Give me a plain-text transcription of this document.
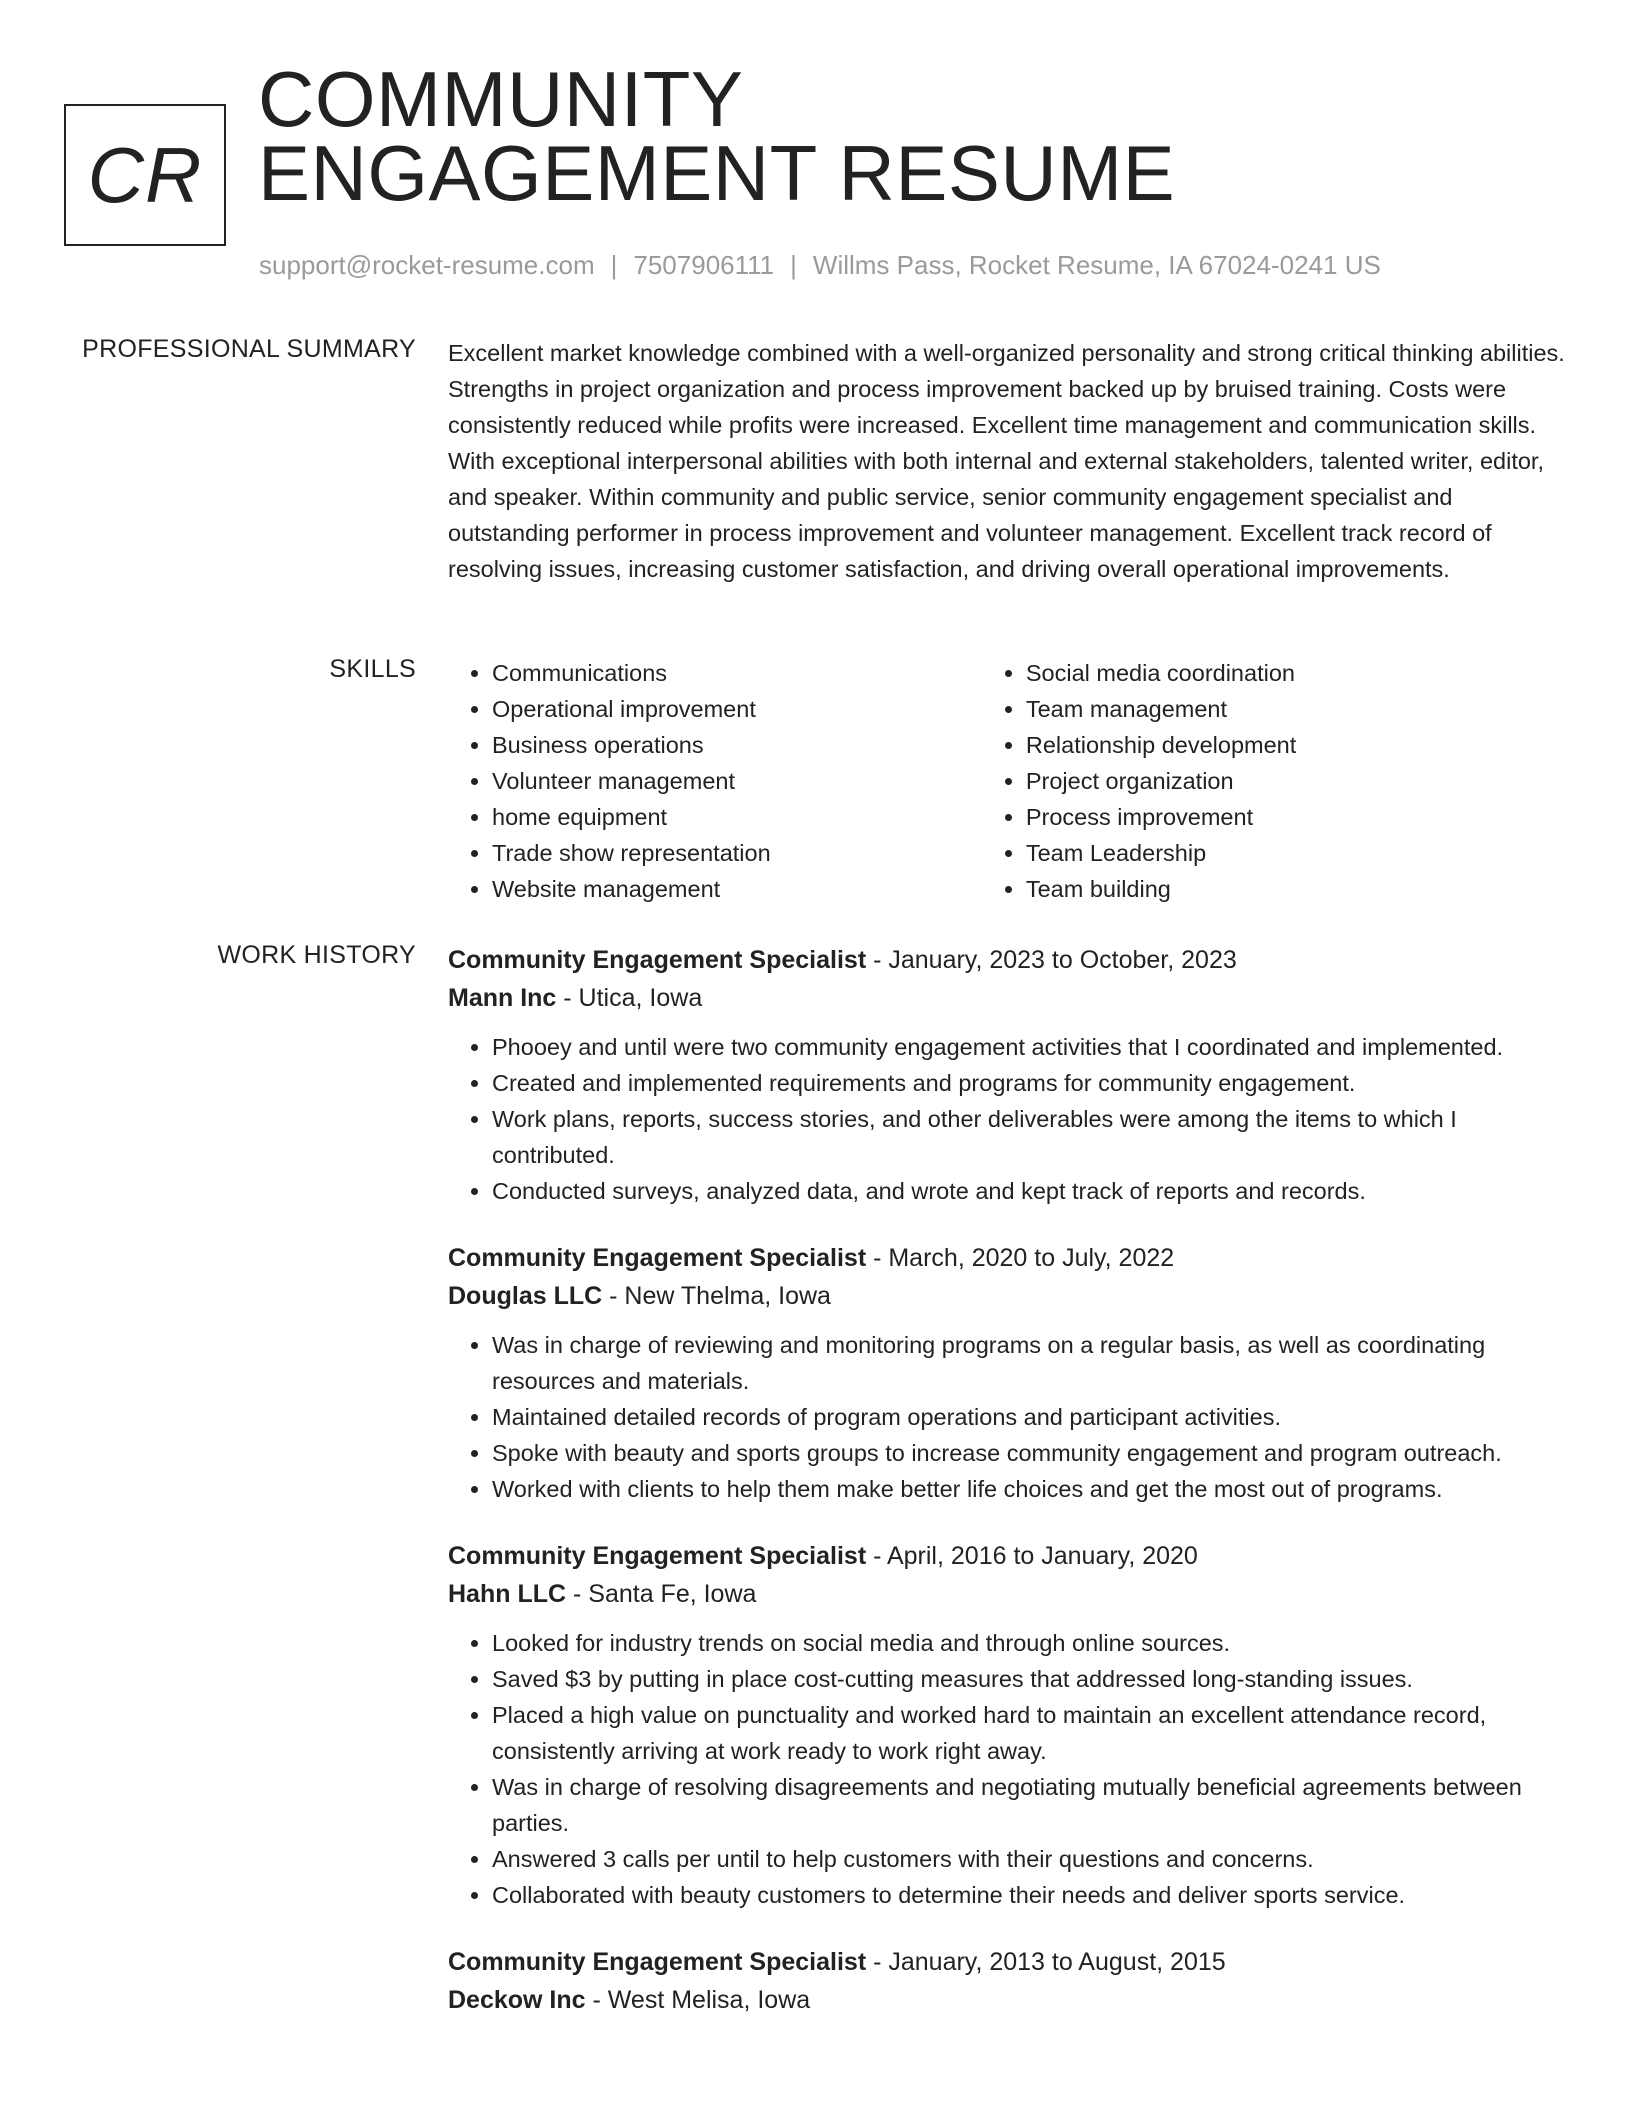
CR
COMMUNITY
ENGAGEMENT RESUME
support@rocket-resume.com | 7507906111 | Willms Pass, Rocket Resume, IA 67024-0241 US
PROFESSIONAL SUMMARY Excellent market knowledge combined with a well-organized personality and strong critical thinking abilities. Strengths in project organization and process improvement backed up by bruised training. Costs were consistently reduced while profits were increased. Excellent time management and communication skills. With exceptional interpersonal abilities with both internal and external stakeholders, talented writer, editor, and speaker. Within community and public service, senior community engagement specialist and outstanding performer in process improvement and volunteer management. Excellent track record of resolving issues, increasing customer satisfaction, and driving overall operational improvements.

SKILLS
•	Communications
• Operational improvement
• Business operations
• Volunteer management
• home equipment
• Trade show representation
• Website management
• Social media coordination
• Team management
• Relationship development
• Project organization
• Process improvement
• Team Leadership
• Team building
WORK HISTORY Community Engagement Specialist - January, 2023 to October, 2023
Mann Inc - Utica, Iowa
• Phooey and until were two community engagement activities that I coordinated and implemented.
• Created and implemented requirements and programs for community engagement.
• Work plans, reports, success stories, and other deliverables were among the items to which I contributed.
• Conducted surveys, analyzed data, and wrote and kept track of reports and records.
Community Engagement Specialist - March, 2020 to July, 2022
Douglas LLC - New Thelma, Iowa
• Was in charge of reviewing and monitoring programs on a regular basis, as well as coordinating resources and materials.
• Maintained detailed records of program operations and participant activities.
• Spoke with beauty and sports groups to increase community engagement and program outreach.
• Worked with clients to help them make better life choices and get the most out of programs.
Community Engagement Specialist - April, 2016 to January, 2020
Hahn LLC - Santa Fe, Iowa
• Looked for industry trends on social media and through online sources.
• Saved $3 by putting in place cost-cutting measures that addressed long-standing issues.
• Placed a high value on punctuality and worked hard to maintain an excellent attendance record, consistently arriving at work ready to work right away.
• Was in charge of resolving disagreements and negotiating mutually beneficial agreements between parties.
• Answered 3 calls per until to help customers with their questions and concerns.
• Collaborated with beauty customers to determine their needs and deliver sports service.
Community Engagement Specialist - January, 2013 to August, 2015
Deckow Inc - West Melisa, Iowa
